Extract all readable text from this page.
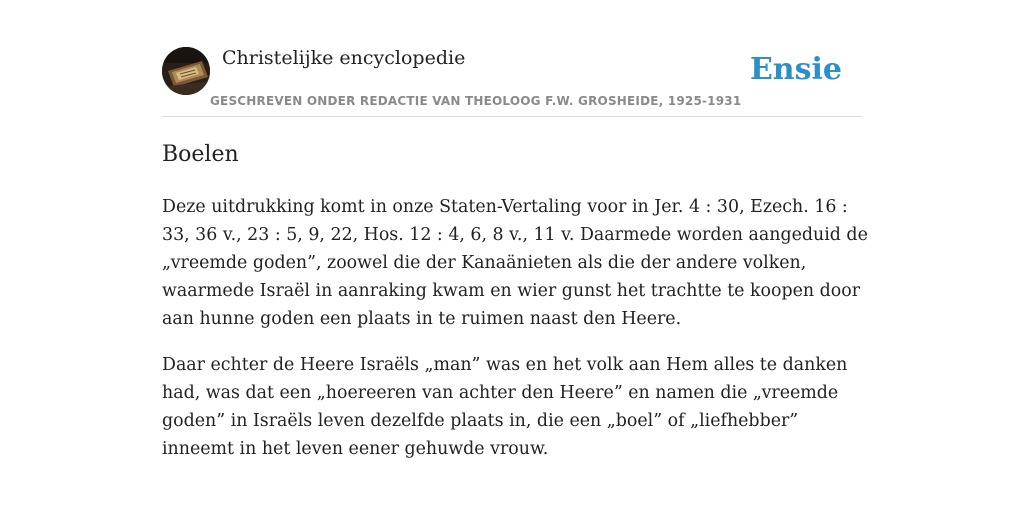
Christelijke encyclopedie
GESCHREVEN ONDER REDACTIE VAN THEOLOOG F.W. GROSHEIDE, 1925-1931
Ensie
Boelen

Deze uitdrukking komt in onze Staten-Vertaling voor in Jer. 4 : 30, Ezech. 16 : 33, 36 v., 23 : 5, 9, 22, Hos. 12 : 4, 6, 8 v., 11 v. Daarmede worden aangeduid de „vreemde goden”, zoowel die der Kanaänieten als die der andere volken, waarmede Israël in aanraking kwam en wier gunst het trachtte te koopen door aan hunne goden een plaats in te ruimen naast den Heere.

Daar echter de Heere Israëls „man” was en het volk aan Hem alles te danken had, was dat een „hoereeren van achter den Heere” en namen die „vreemde goden” in Israëls leven dezelfde plaats in, die een „boel” of „liefhebber” inneemt in het leven eener gehuwde vrouw.
